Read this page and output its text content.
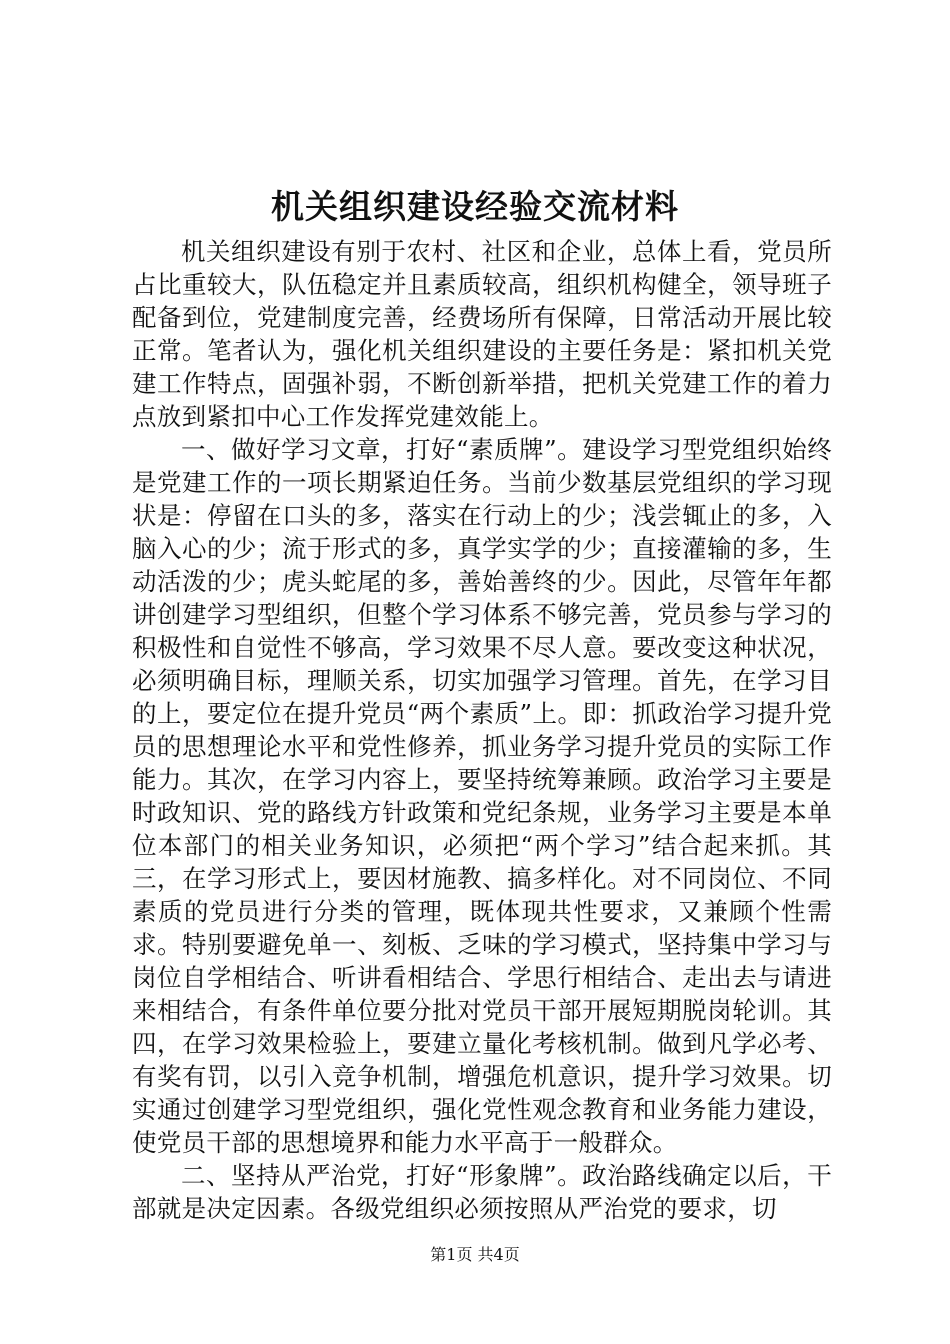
机关组织建设经验交流材料

机关组织建设有别于农村、社区和企业，总体上看，党员所占比重较大，队伍稳定并且素质较高，组织机构健全，领导班子配备到位，党建制度完善，经费场所有保障，日常活动开展比较正常。笔者认为，强化机关组织建设的主要任务是：紧扣机关党建工作特点，固强补弱，不断创新举措，把机关党建工作的着力点放到紧扣中心工作发挥党建效能上。

一、做好学习文章，打好“素质牌”。建设学习型党组织始终是党建工作的一项长期紧迫任务。当前少数基层党组织的学习现状是：停留在口头的多，落实在行动上的少；浅尝辄止的多，入脑入心的少；流于形式的多，真学实学的少；直接灌输的多，生动活泼的少；虎头蛇尾的多，善始善终的少。因此，尽管年年都讲创建学习型组织，但整个学习体系不够完善，党员参与学习的积极性和自觉性不够高，学习效果不尽人意。要改变这种状况，必须明确目标，理顺关系，切实加强学习管理。首先，在学习目的上，要定位在提升党员“两个素质”上。即：抓政治学习提升党员的思想理论水平和党性修养，抓业务学习提升党员的实际工作能力。其次，在学习内容上，要坚持统筹兼顾。政治学习主要是时政知识、党的路线方针政策和党纪条规，业务学习主要是本单位本部门的相关业务知识，必须把“两个学习”结合起来抓。其三，在学习形式上，要因材施教、搞多样化。对不同岗位、不同素质的党员进行分类的管理，既体现共性要求，又兼顾个性需求。特别要避免单一、刻板、乏味的学习模式，坚持集中学习与岗位自学相结合、听讲看相结合、学思行相结合、走出去与请进来相结合，有条件单位要分批对党员干部开展短期脱岗轮训。其四，在学习效果检验上，要建立量化考核机制。做到凡学必考、有奖有罚，以引入竞争机制，增强危机意识，提升学习效果。切实通过创建学习型党组织，强化党性观念教育和业务能力建设，使党员干部的思想境界和能力水平高于一般群众。

二、坚持从严治党，打好“形象牌”。政治路线确定以后，干部就是决定因素。各级党组织必须按照从严治党的要求，切

第1页 共4页
